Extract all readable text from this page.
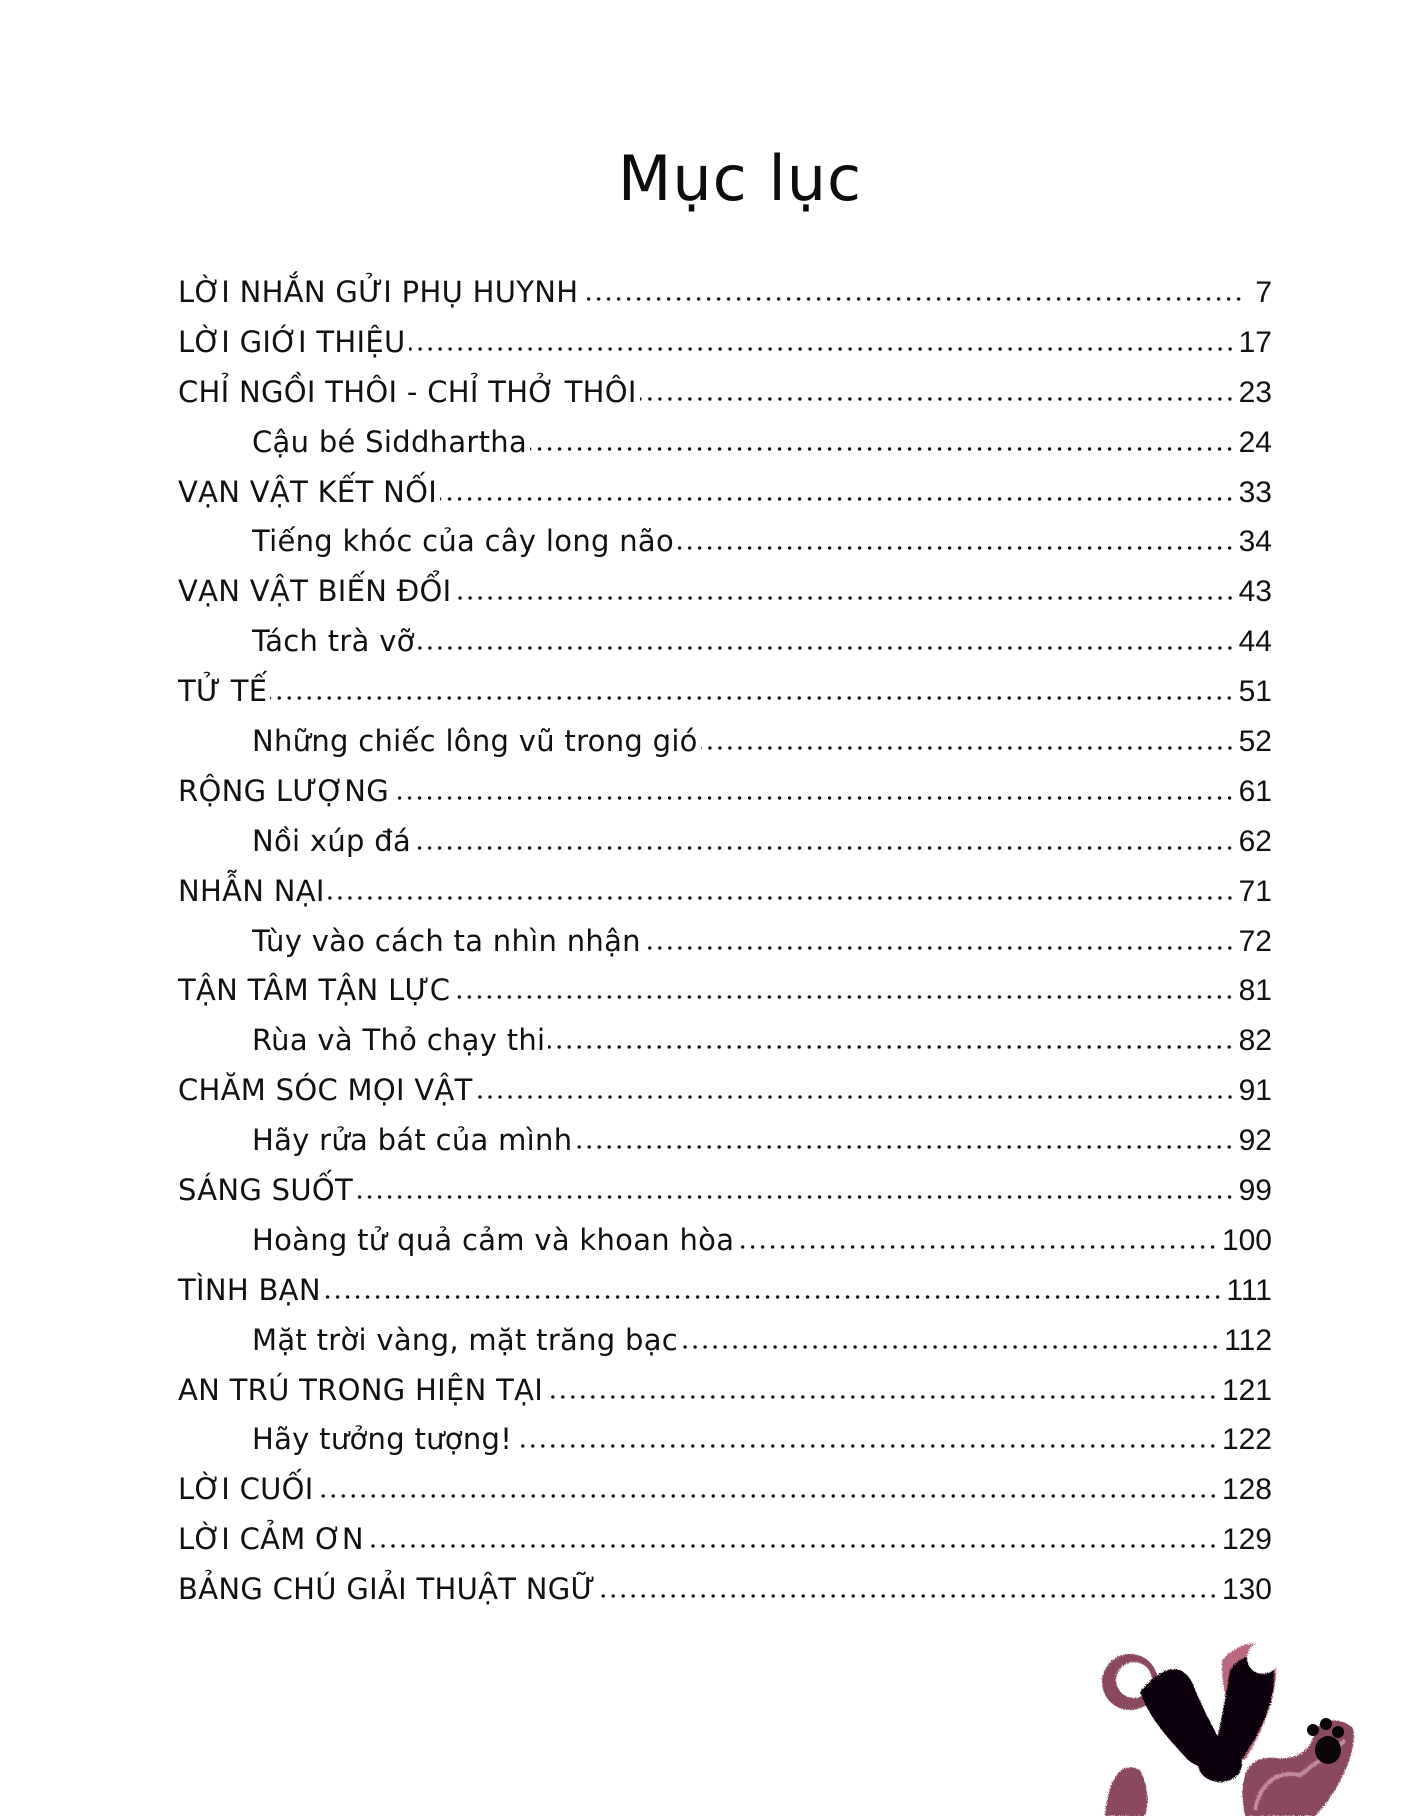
Mục lục
LỜI NHẮN GỬI PHỤ HUYNH	7
LỜI GIỚI THIỆU	17
CHỈ NGỒI THÔI - CHỈ THỞ THÔI	23
Cậu bé Siddhartha	24
VẠN VẬT KẾT NỐI	33
Tiếng khóc của cây long não	34
VẠN VẬT BIẾN ĐỔI	43
Tách trà vỡ	44
TỬ TẾ	51
Những chiếc lông vũ trong gió	52
RỘNG LƯỢNG	61
Nồi xúp đá	62
NHẪN NẠI	71
Tùy vào cách ta nhìn nhận	72
TẬN TÂM TẬN LỰC	81
Rùa và Thỏ chạy thi	82
CHĂM SÓC MỌI VẬT	91
Hãy rửa bát của mình	92
SÁNG SUỐT	99
Hoàng tử quả cảm và khoan hòa	100
TÌNH BẠN	111
Mặt trời vàng, mặt trăng bạc	112
AN TRÚ TRONG HIỆN TẠI	121
Hãy tưởng tượng!	122
LỜI CUỐI	128
LỜI CẢM ƠN	129
BẢNG CHÚ GIẢI THUẬT NGỮ	130
